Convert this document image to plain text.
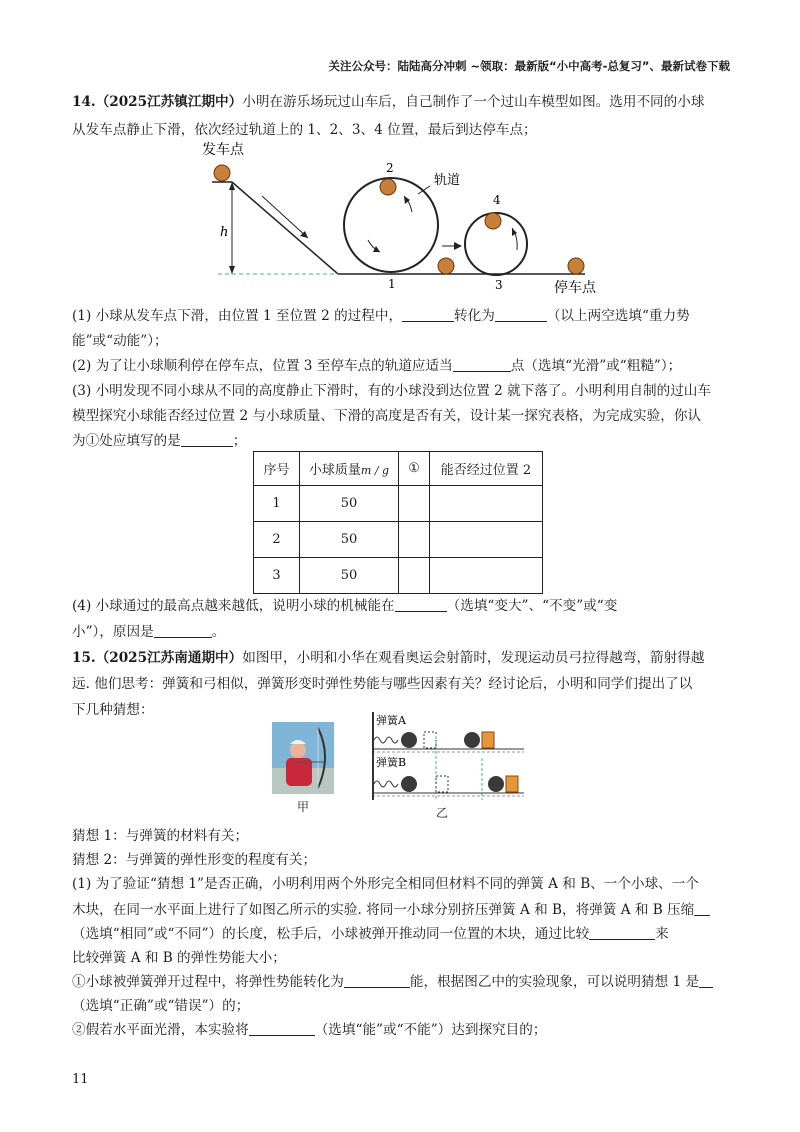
关注公众号：陆陆高分冲刺 ~领取：最新版“小中高考-总复习”、最新试卷下载
14.（2025江苏镇江期中）小明在游乐场玩过山车后，自己制作了一个过山车模型如图。选用不同的小球
从发车点静止下滑，依次经过轨道上的 1、2、3、4 位置，最后到达停车点；
发车点
h
2
轨道
1
4
3	停车点
(1) 小球从发车点下滑，由位置 1 至位置 2 的过程中，	转化为	（以上两空选填“重力势
能”或“动能”）；
(2) 为了让小球顺利停在停车点，位置 3 至停车点的轨道应适当	点（选填“光滑”或“粗糙”）；
(3) 小明发现不同小球从不同的高度静止下滑时，有的小球没到达位置 2 就下落了。小明利用自制的过山车
模型探究小球能否经过位置 2 与小球质量、下滑的高度是否有关，设计某一探究表格，为完成实验，你认
为①处应填写的是	；
序号	小球质量m / g	①	能否经过位置 2
1	50		
2	50		
3	50		
(4) 小球通过的最高点越来越低，说明小球的机械能在	（选填“变大”、“不变”或“变
小”），原因是	。
15.（2025江苏南通期中）如图甲，小明和小华在观看奥运会射箭时，发现运动员弓拉得越弯，箭射得越
远. 他们思考：弹簧和弓相似，弹簧形变时弹性势能与哪些因素有关？经讨论后，小明和同学们提出了以
下几种猜想：
甲
弹簧A
弹簧B
乙
猜想 1：与弹簧的材料有关；
猜想 2：与弹簧的弹性形变的程度有关；
(1) 为了验证“猜想 1”是否正确，小明利用两个外形完全相同但材料不同的弹簧 A 和 B、一个小球、一个
木块，在同一水平面上进行了如图乙所示的实验. 将同一小球分别挤压弹簧 A 和 B，将弹簧 A 和 B 压缩
（选填“相同”或“不同”）的长度，松手后，小球被弹开推动同一位置的木块，通过比较	来
比较弹簧 A 和 B 的弹性势能大小；
①小球被弹簧弹开过程中，将弹性势能转化为	能，根据图乙中的实验现象，可以说明猜想 1 是
（选填“正确”或“错误”）的；
②假若水平面光滑，本实验将	（选填“能”或“不能”）达到探究目的；
11
